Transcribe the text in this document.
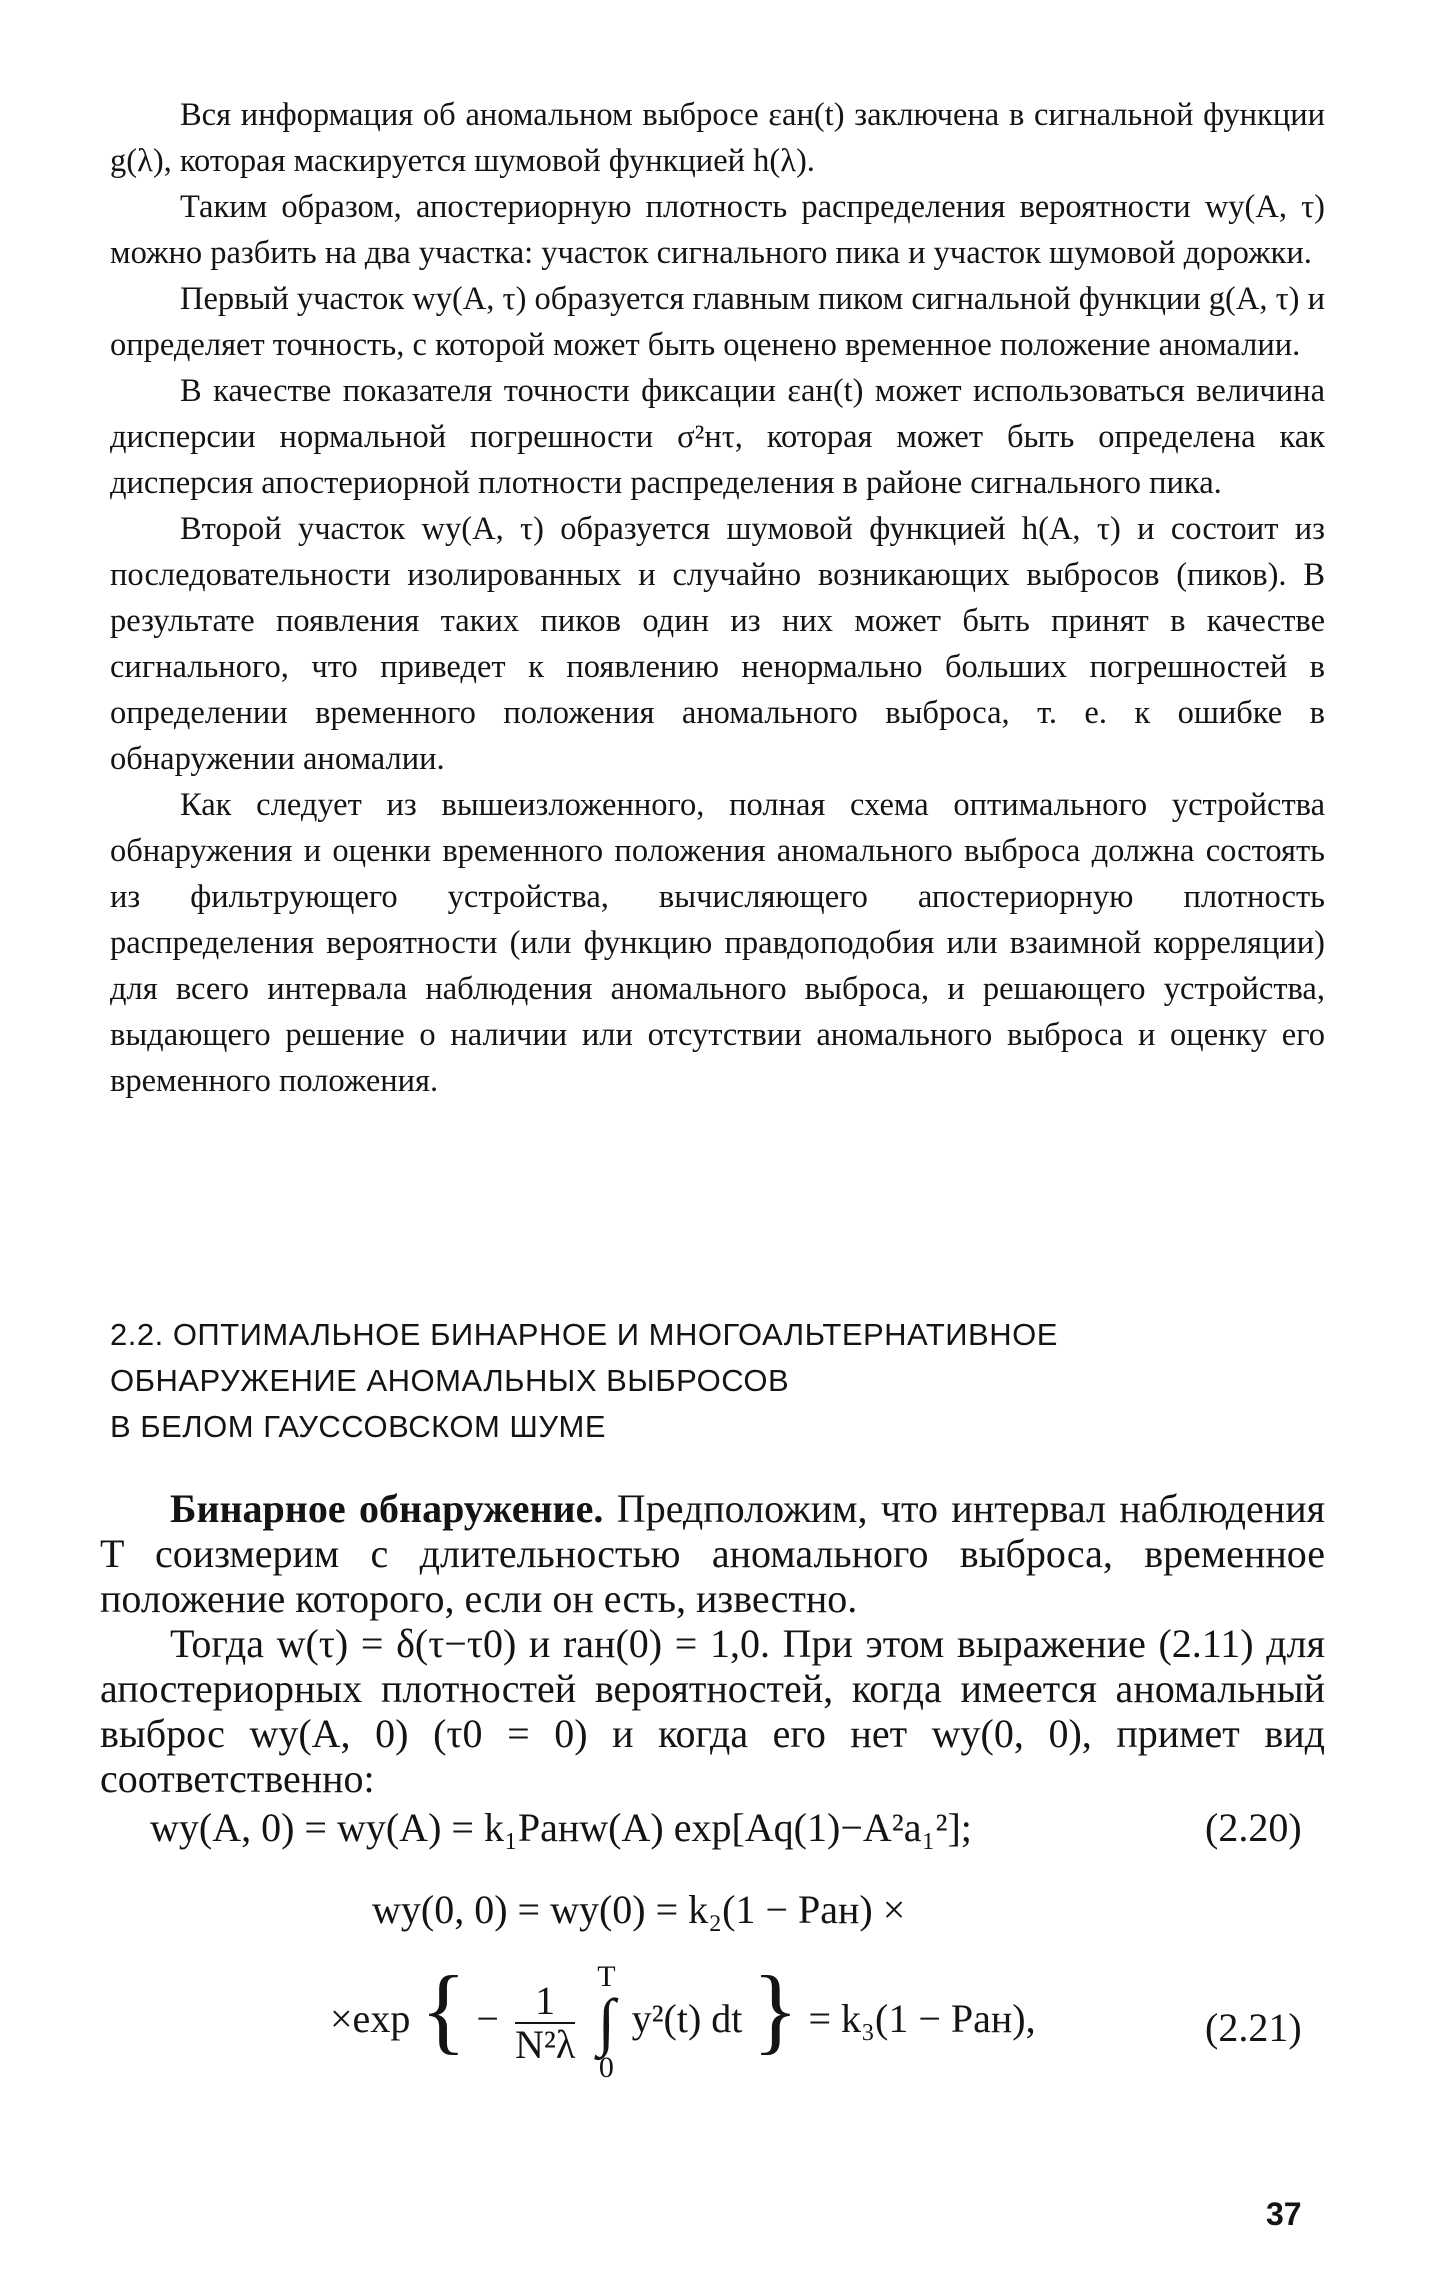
Вся информация об аномальном выбросе εан(t) заключена в сигнальной функции g(λ), которая маскируется шумовой функцией h(λ).

Таким образом, апостериорную плотность распределения вероятности wy(A, τ) можно разбить на два участка: участок сигнального пика и участок шумовой дорожки.

Первый участок wy(A, τ) образуется главным пиком сигнальной функции g(A, τ) и определяет точность, с которой может быть оценено временное положение аномалии.

В качестве показателя точности фиксации εан(t) может использоваться величина дисперсии нормальной погрешности σ²нτ, которая может быть определена как дисперсия апостериорной плотности распределения в районе сигнального пика.

Второй участок wy(A, τ) образуется шумовой функцией h(A, τ) и состоит из последовательности изолированных и случайно возникающих выбросов (пиков). В результате появления таких пиков один из них может быть принят в качестве сигнального, что приведет к появлению ненормально больших погрешностей в определении временного положения аномального выброса, т. е. к ошибке в обнаружении аномалии.

Как следует из вышеизложенного, полная схема оптимального устройства обнаружения и оценки временного положения аномального выброса должна состоять из фильтрующего устройства, вычисляющего апостериорную плотность распределения вероятности (или функцию правдоподобия или взаимной корреляции) для всего интервала наблюдения аномального выброса, и решающего устройства, выдающего решение о наличии или отсутствии аномального выброса и оценку его временного положения.

2.2. ОПТИМАЛЬНОЕ БИНАРНОЕ И МНОГОАЛЬТЕРНАТИВНОЕ
ОБНАРУЖЕНИЕ АНОМАЛЬНЫХ ВЫБРОСОВ
В БЕЛОМ ГАУССОВСКОМ ШУМЕ

Бинарное обнаружение. Предположим, что интервал наблюдения T соизмерим с длительностью аномального выброса, временное положение которого, если он есть, известно.

Тогда w(τ) = δ(τ−τ0) и rан(0) = 1,0. При этом выражение (2.11) для апостериорных плотностей вероятностей, когда имеется аномальный выброс wy(A, 0) (τ0 = 0) и когда его нет wy(0, 0), примет вид соответственно:

wy(A, 0) = wy(A) = k₁Pанw(A) exp[Aq(1)−A²a₁²];	(2.20)
wy(0, 0) = wy(0) = k₂(1 − Pан) ×
×exp { − $\frac{1}{\text{N²λ}}$
T
∫
0 y²(t) dt } = k₃(1 − Pан),	(2.21)
37
